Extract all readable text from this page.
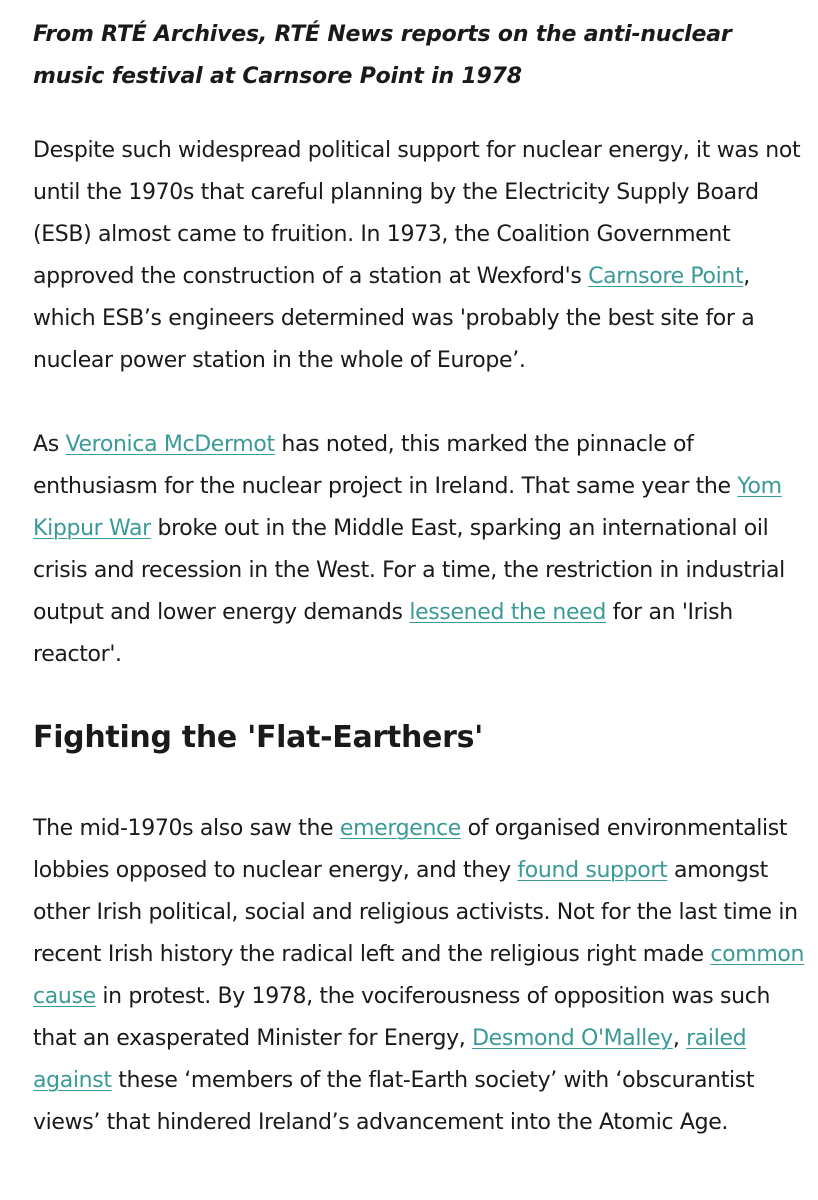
From RTÉ Archives, RTÉ News reports on the anti-nuclear music festival at Carnsore Point in 1978

Despite such widespread political support for nuclear energy, it was not until the 1970s that careful planning by the Electricity Supply Board (ESB) almost came to fruition. In 1973, the Coalition Government approved the construction of a station at Wexford's Carnsore Point, which ESB’s engineers determined was 'probably the best site for a nuclear power station in the whole of Europe’.

As Veronica McDermot has noted, this marked the pinnacle of enthusiasm for the nuclear project in Ireland. That same year the Yom Kippur War broke out in the Middle East, sparking an international oil crisis and recession in the West. For a time, the restriction in industrial output and lower energy demands lessened the need for an 'Irish reactor'.

Fighting the 'Flat-Earthers'

The mid-1970s also saw the emergence of organised environmentalist lobbies opposed to nuclear energy, and they found support amongst other Irish political, social and religious activists. Not for the last time in recent Irish history the radical left and the religious right made common cause in protest. By 1978, the vociferousness of opposition was such that an exasperated Minister for Energy, Desmond O'Malley, railed against these ‘members of the flat-Earth society’ with ‘obscurantist views’ that hindered Ireland’s advancement into the Atomic Age.
